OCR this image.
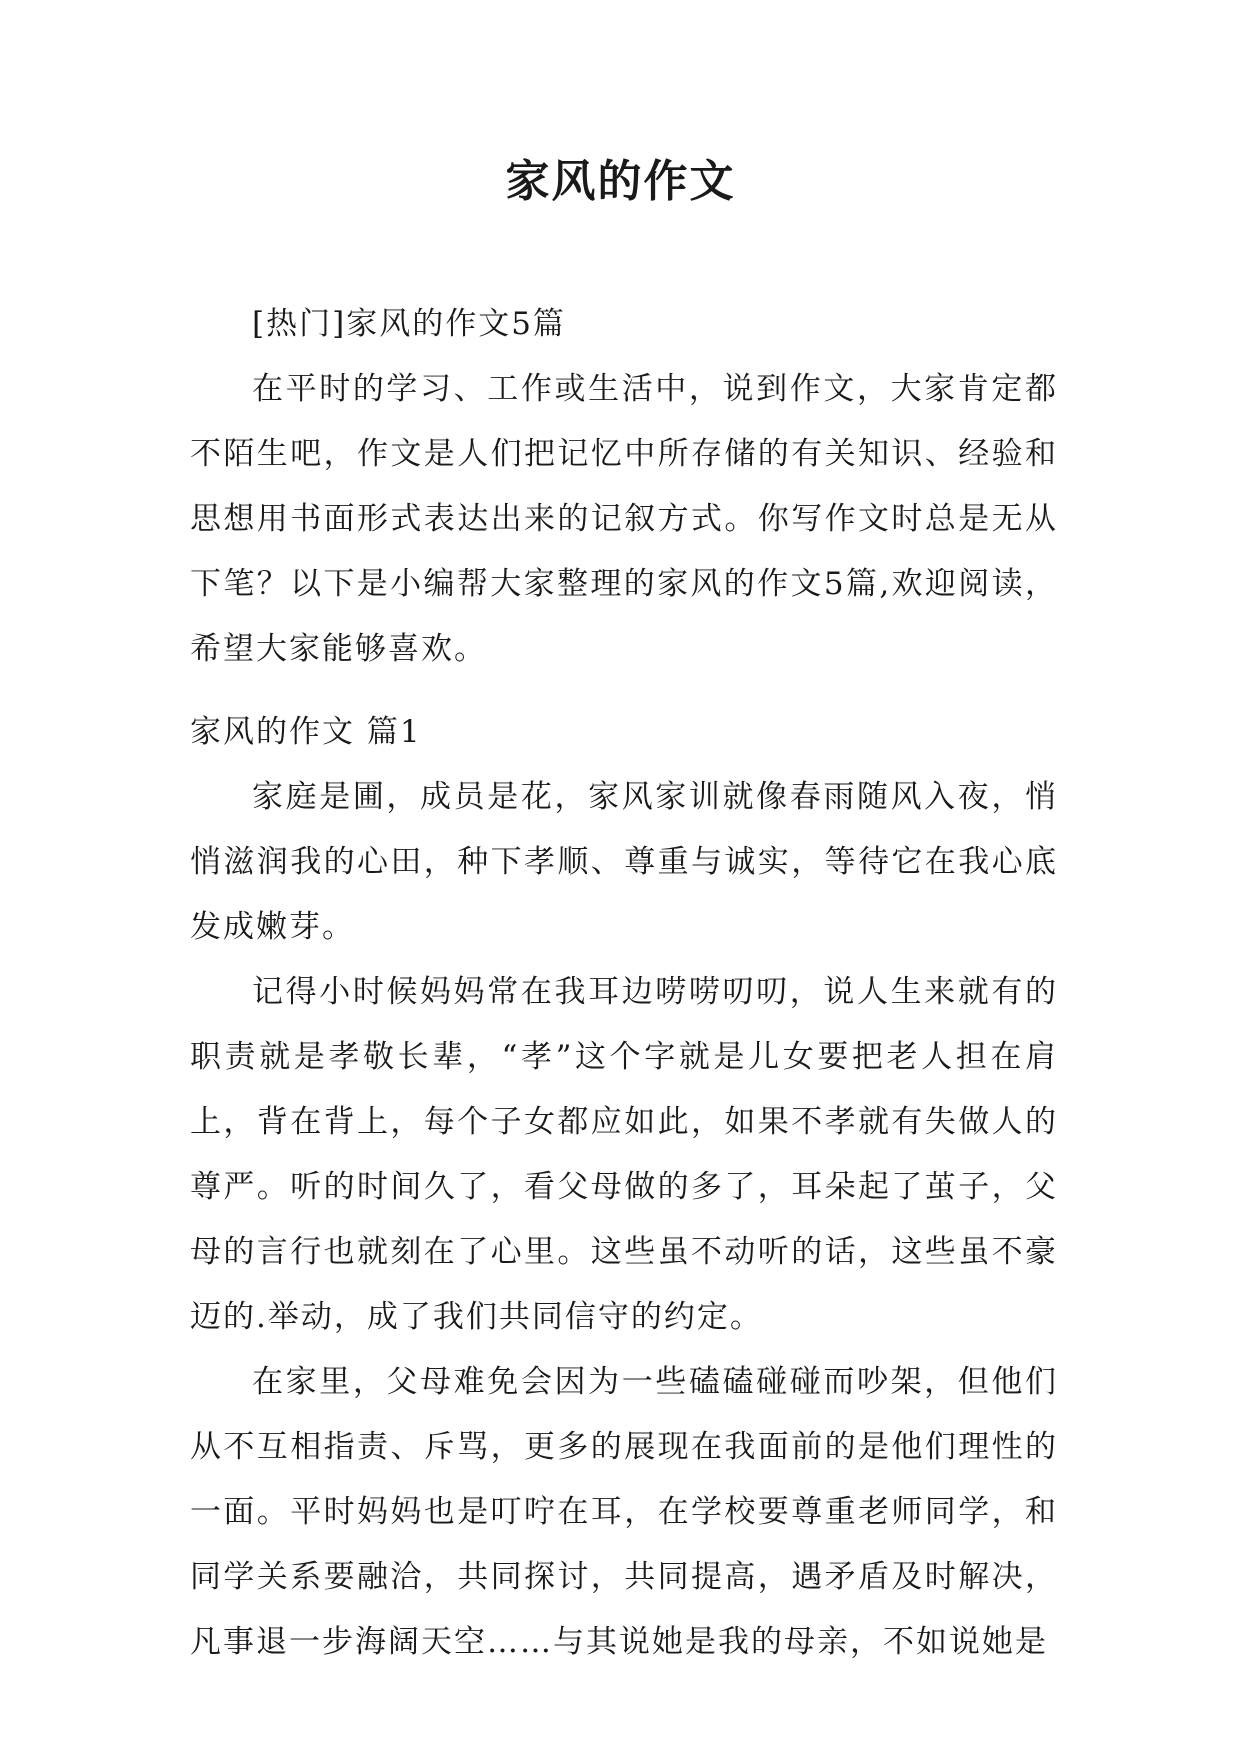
家风的作文

[热门]家风的作文5篇

在平时的学习、工作或生活中，说到作文，大家肯定都不陌生吧，作文是人们把记忆中所存储的有关知识、经验和思想用书面形式表达出来的记叙方式。你写作文时总是无从下笔？以下是小编帮大家整理的家风的作文5篇,欢迎阅读，希望大家能够喜欢。

家风的作文 篇1

家庭是圃，成员是花，家风家训就像春雨随风入夜，悄悄滋润我的心田，种下孝顺、尊重与诚实，等待它在我心底发成嫩芽。

记得小时候妈妈常在我耳边唠唠叨叨，说人生来就有的职责就是孝敬长辈，“孝”这个字就是儿女要把老人担在肩上，背在背上，每个子女都应如此，如果不孝就有失做人的尊严。听的时间久了，看父母做的多了，耳朵起了茧子，父母的言行也就刻在了心里。这些虽不动听的话，这些虽不豪迈的.举动，成了我们共同信守的约定。

在家里，父母难免会因为一些磕磕碰碰而吵架，但他们从不互相指责、斥骂，更多的展现在我面前的是他们理性的一面。平时妈妈也是叮咛在耳，在学校要尊重老师同学，和同学关系要融洽，共同探讨，共同提高，遇矛盾及时解决，凡事退一步海阔天空……与其说她是我的母亲，不如说她是
